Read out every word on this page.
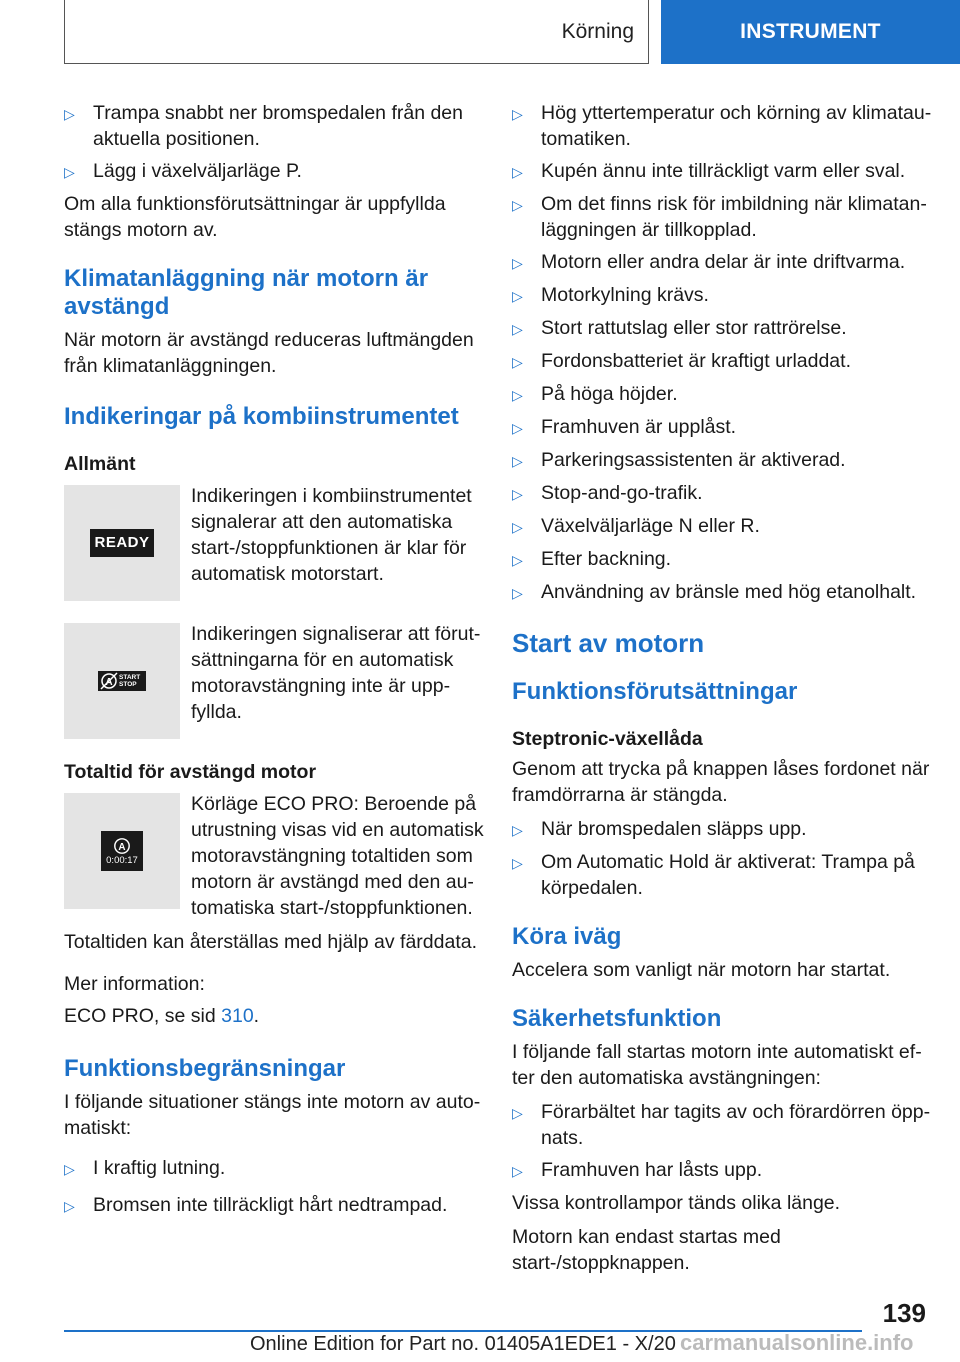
Körning	INSTRUMENT
▷ Trampa snabbt ner bromspedalen från den aktuella positionen.
▷ Lägg i växelväljarläge P.

Om alla funktionsförutsättningar är uppfyllda stängs motorn av.

Klimatanläggning när motorn är avstängd

När motorn är avstängd reduceras luftmängden från klimatanläggningen.

Indikeringar på kombiinstrumentet
Allmänt
READY
Indikeringen i kombiinstrumentet signalerar att den automatiska start-/stoppfunktionen är klar för automatisk motorstart.
A START STOP
Indikeringen signaliserar att förutsättningarna för en automatisk motoravstängning inte är uppfyllda.
Totaltid för avstängd motor
A
0:00:17
Körläge ECO PRO: Beroende på utrustning visas vid en automatisk motoravstängning totaltiden som motorn är avstängd med den automatiska start-/stoppfunktionen.

Totaltiden kan återställas med hjälp av färddata.

Mer information:

ECO PRO, se sid 310.

Funktionsbegränsningar

I följande situationer stängs inte motorn av automatiskt:

▷ I kraftig lutning.
▷ Bromsen inte tillräckligt hårt nedtrampad.
▷ Hög yttertemperatur och körning av klimatautomatiken.
▷ Kupén ännu inte tillräckligt varm eller sval.
▷ Om det finns risk för imbildning när klimatanläggningen är tillkopplad.
▷ Motorn eller andra delar är inte driftvarma.
▷ Motorkylning krävs.
▷ Stort rattutslag eller stor rattrörelse.
▷ Fordonsbatteriet är kraftigt urladdat.
▷ På höga höjder.
▷ Framhuven är upplåst.
▷ Parkeringsassistenten är aktiverad.
▷ Stop-and-go-trafik.
▷ Växelväljarläge N eller R.
▷ Efter backning.
▷ Användning av bränsle med hög etanolhalt.
Start av motorn
Funktionsförutsättningar
Steptronic-växellåda

Genom att trycka på knappen låses fordonet när framdörrarna är stängda.

▷ När bromspedalen släpps upp.
▷ Om Automatic Hold är aktiverat: Trampa på körpedalen.
Köra iväg

Accelera som vanligt när motorn har startat.

Säkerhetsfunktion

I följande fall startas motorn inte automatiskt efter den automatiska avstängningen:

▷ Förarbältet har tagits av och förardörren öppnats.
▷ Framhuven har låsts upp.

Vissa kontrollampor tänds olika länge.

Motorn kan endast startas med start-/stoppknappen.

139
Online Edition for Part no. 01405A1EDE1 - X/20 carmanualsonline.info
